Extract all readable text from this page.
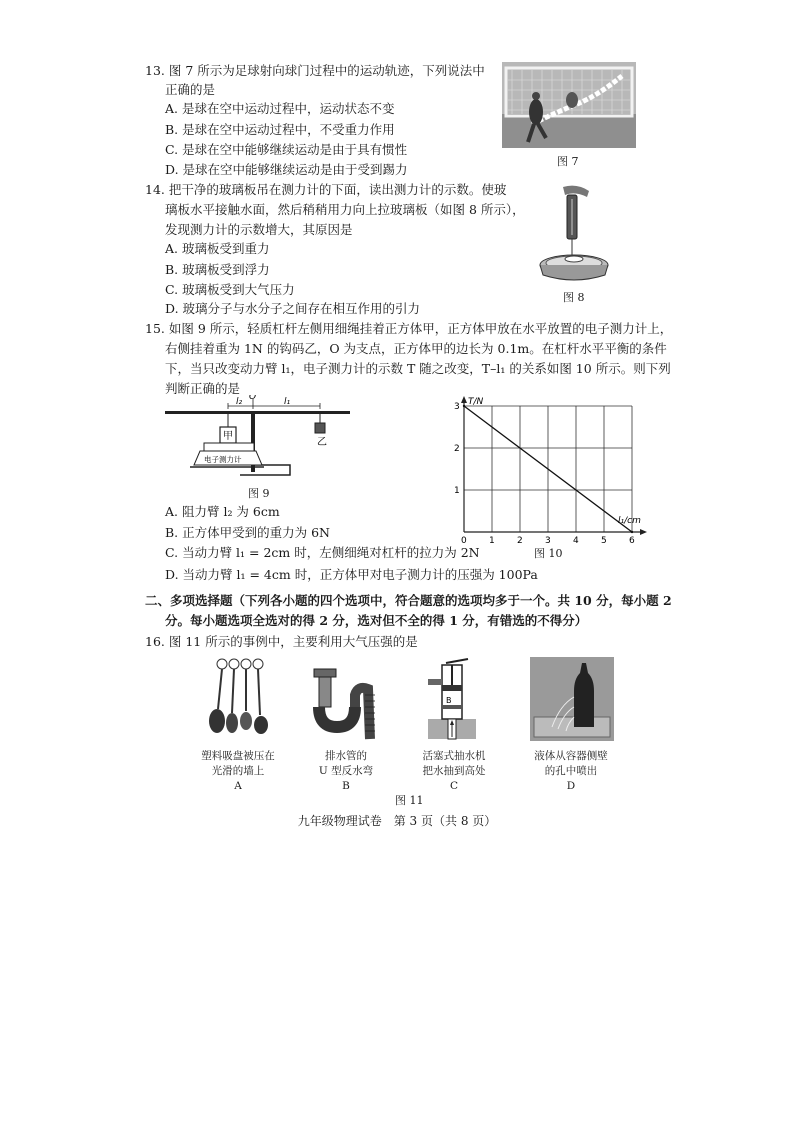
13. 图 7 所示为足球射向球门过程中的运动轨迹，下列说法中
正确的是
A. 是球在空中运动过程中，运动状态不变
B. 是球在空中运动过程中，不受重力作用
C. 是球在空中能够继续运动是由于具有惯性
D. 是球在空中能够继续运动是由于受到踢力
图 7
14. 把干净的玻璃板吊在测力计的下面，读出测力计的示数。使玻
璃板水平接触水面，然后稍稍用力向上拉玻璃板（如图 8 所示），
发现测力计的示数增大，其原因是
A. 玻璃板受到重力
B. 玻璃板受到浮力
C. 玻璃板受到大气压力
D. 玻璃分子与水分子之间存在相互作用的引力
图 8
15. 如图 9 所示，轻质杠杆左侧用细绳挂着正方体甲，正方体甲放在水平放置的电子测力计上，
右侧挂着重为 1N 的钩码乙，O 为支点，正方体甲的边长为 0.1m。在杠杆水平平衡的条件
下，当只改变动力臂 l₁，电子测力计的示数 T 随之改变，T–l₁ 的关系如图 10 所示。则下列
判断正确的是
l₂ O	l₁
甲
电子测力计
乙
图 9
0 1 2 3 4 5 6
1
2
3 T/N
l₁/cm
图 10
A. 阻力臂 l₂ 为 6cm
B. 正方体甲受到的重力为 6N
C. 当动力臂 l₁ = 2cm 时，左侧细绳对杠杆的拉力为 2N
D. 当动力臂 l₁ = 4cm 时，正方体甲对电子测力计的压强为 100Pa
二、多项选择题（下列各小题的四个选项中，符合题意的选项均多于一个。共 10 分，每小题 2
分。每小题选项全选对的得 2 分，选对但不全的得 1 分，有错选的不得分）
16. 图 11 所示的事例中，主要利用大气压强的是
B
塑料吸盘被压在
光滑的墙上
A
排水管的
U 型反水弯
B
活塞式抽水机
把水抽到高处
C
液体从容器侧壁
的孔中喷出
D
图 11
九年级物理试卷　第 3 页（共 8 页）
